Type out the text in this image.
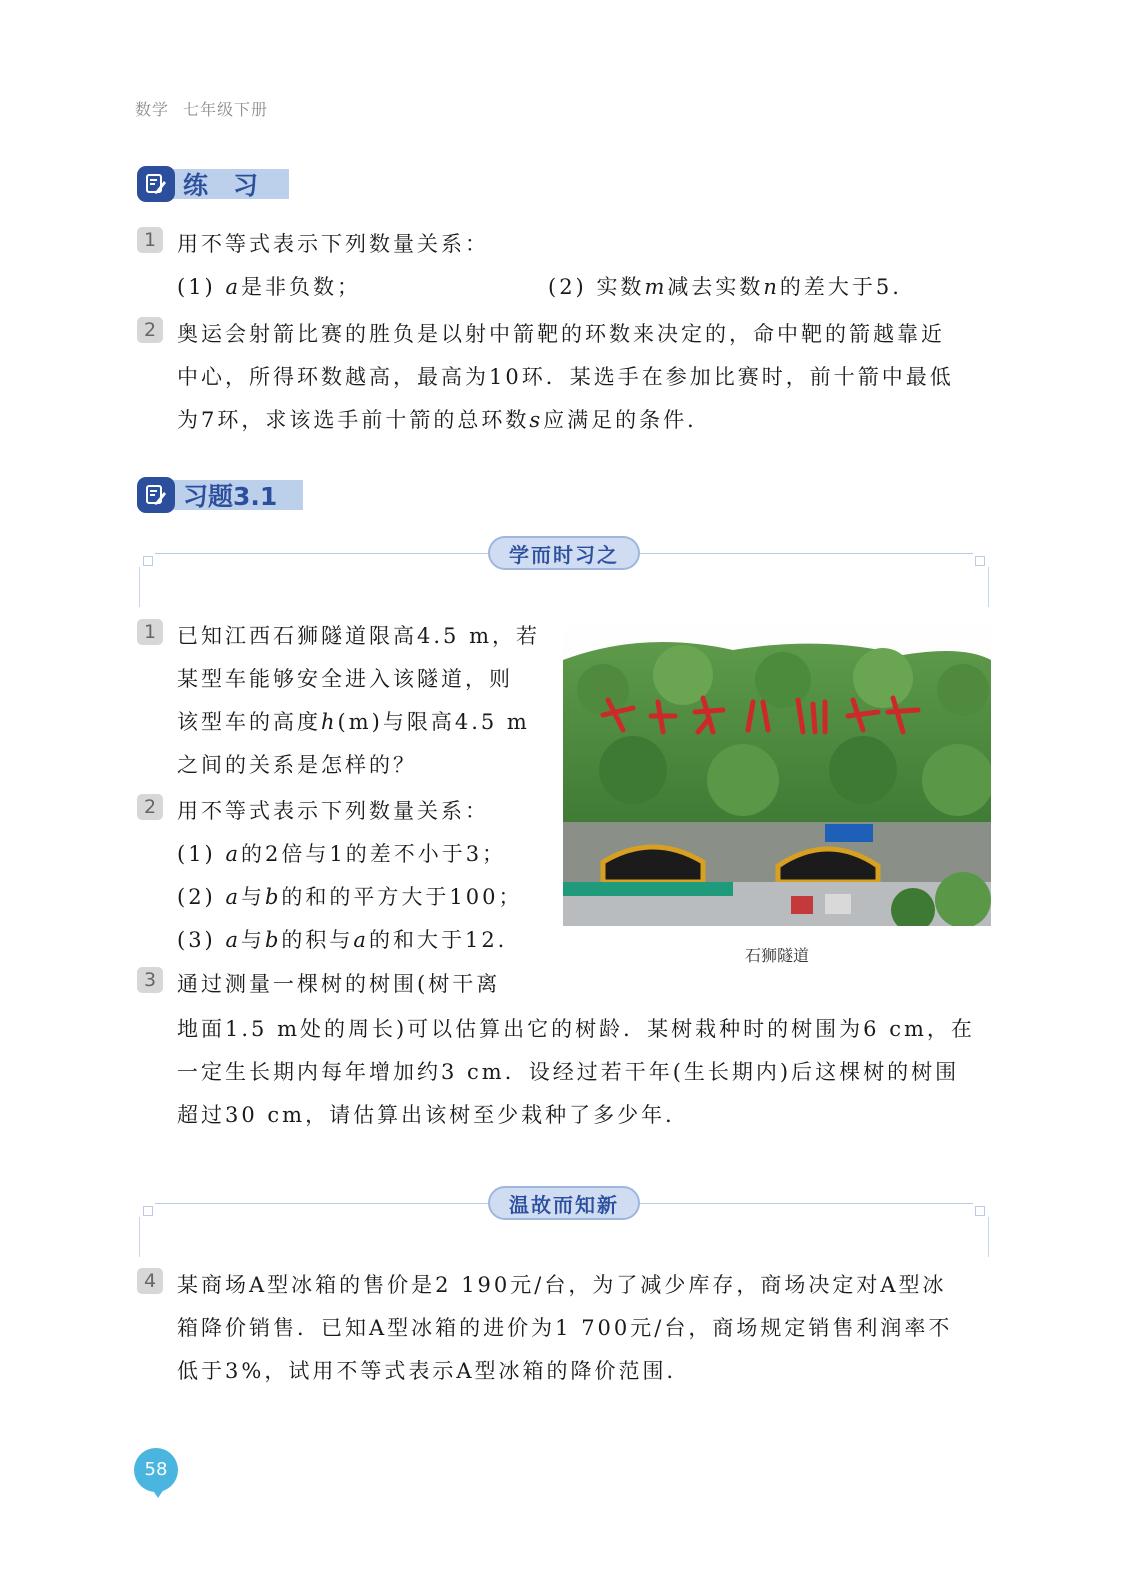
数学 七年级下册
练　习
1 用不等式表示下列数量关系：
(1) a是非负数；	(2) 实数m减去实数n的差大于5.
2 奥运会射箭比赛的胜负是以射中箭靶的环数来决定的，命中靶的箭越靠近
中心，所得环数越高，最高为10环．某选手在参加比赛时，前十箭中最低
为7环，求该选手前十箭的总环数s应满足的条件．
习题3.1
学而时习之
1 已知江西石狮隧道限高4.5 m，若
某型车能够安全进入该隧道，则
该型车的高度h(m)与限高4.5 m
之间的关系是怎样的？
2 用不等式表示下列数量关系：
(1) a的2倍与1的差不小于3；
(2) a与b的和的平方大于100；
(3) a与b的积与a的和大于12.
石狮隧道
3 通过测量一棵树的树围(树干离
地面1.5 m处的周长)可以估算出它的树龄．某树栽种时的树围为6 cm，在
一定生长期内每年增加约3 cm．设经过若干年(生长期内)后这棵树的树围
超过30 cm，请估算出该树至少栽种了多少年．
温故而知新
4 某商场A型冰箱的售价是2 190元/台，为了减少库存，商场决定对A型冰
箱降价销售．已知A型冰箱的进价为1 700元/台，商场规定销售利润率不
低于3%，试用不等式表示A型冰箱的降价范围．
58
